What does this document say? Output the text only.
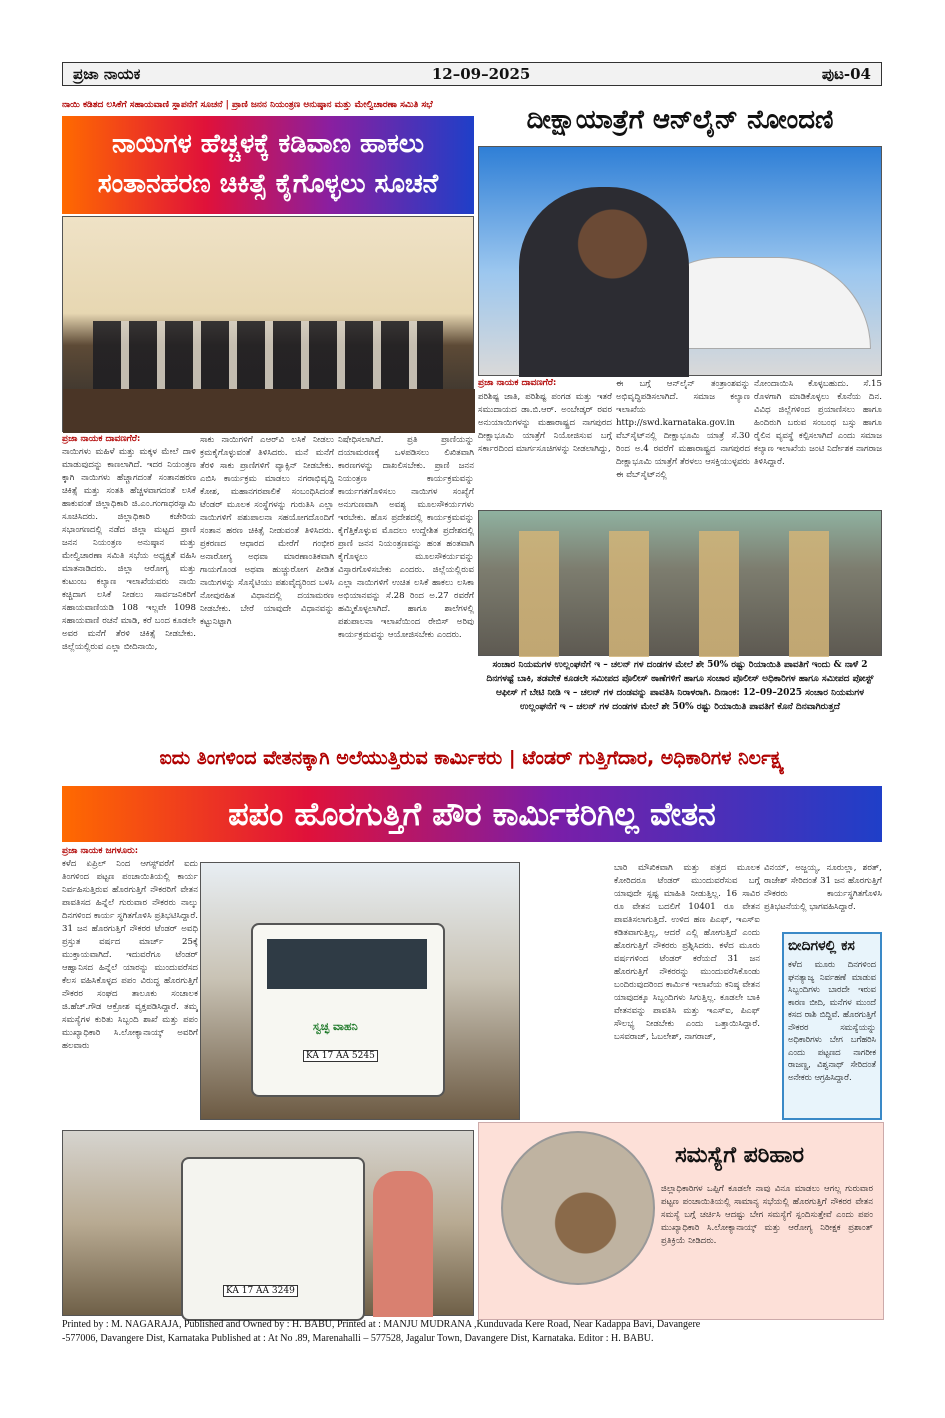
ಪ್ರಜಾ ನಾಯಕ	12–09–2025	ಪುಟ-04
ನಾಯಿ ಕಡಿತದ ಲಸಿಕೆಗೆ ಸಹಾಯವಾಣಿ ಸ್ಥಾಪನೆಗೆ ಸೂಚನೆ | ಪ್ರಾಣಿ ಜನನ ನಿಯಂತ್ರಣ ಅನುಷ್ಠಾನ ಮತ್ತು ಮೇಲ್ವಿಚಾರಣಾ ಸಮಿತಿ ಸಭೆ
ನಾಯಿಗಳ ಹೆಚ್ಚಳಕ್ಕೆ ಕಡಿವಾಣ ಹಾಕಲು
ಸಂತಾನಹರಣ ಚಿಕಿತ್ಸೆ ಕೈಗೊಳ್ಳಲು ಸೂಚನೆ
ಪ್ರಜಾ ನಾಯಕ ದಾವಣಗೆರೆ:

ನಾಯಿಗಳು ಮಹಿಳೆ ಮತ್ತು ಮಕ್ಕಳ ಮೇಲೆ ದಾಳಿ ಮಾಡುವುದನ್ನು ಕಾಣಲಾಗಿದೆ. ಇದರ ನಿಯಂತ್ರಣ ಕ್ಕಾಗಿ ನಾಯಿಗಳು ಹೆಚ್ಚಾಗದಂತೆ ಸಂತಾನಹರಣ ಚಿಕಿತ್ಸೆ ಮತ್ತು ಸಂತತಿ ಹೆಚ್ಚಳವಾಗದಂತೆ ಲಸಿಕೆ ಹಾಕುವಂತೆ ಜಿಲ್ಲಾಧಿಕಾರಿ ಜಿ.ಎಂ.ಗಂಗಾಧರಸ್ವಾಮಿ ಸೂಚಿಸಿದರು. ಜಿಲ್ಲಾಧಿಕಾರಿ ಕಚೇರಿಯ ಸಭಾಂಗಣದಲ್ಲಿ ನಡೆದ ಜಿಲ್ಲಾ ಮಟ್ಟದ ಪ್ರಾಣಿ ಜನನ ನಿಯಂತ್ರಣ ಅನುಷ್ಠಾನ ಮತ್ತು ಮೇಲ್ವಿಚಾರಣಾ ಸಮಿತಿ ಸಭೆಯ ಅಧ್ಯಕ್ಷತೆ ವಹಿಸಿ ಮಾತನಾಡಿದರು. ಜಿಲ್ಲಾ ಆರೋಗ್ಯ ಮತ್ತು ಕುಟುಂಬ ಕಲ್ಯಾಣ ಇಲಾಖೆಯವರು ನಾಯಿ ಕಚ್ಚಿದಾಗ ಲಸಿಕೆ ನೀಡಲು ಸಾರ್ವಜನಿಕರಿಗೆ ಸಹಾಯವಾಣಿಯಡಿ 108 ಇಲ್ಲವೇ 1098 ಸಹಾಯವಾಣಿ ರಚನೆ ಮಾಡಿ, ಕರೆ ಬಂದ ಕೂಡಲೇ ಅವರ ಮನೆಗೆ ತೆರಳಿ ಚಿಕಿತ್ಸೆ ನೀಡಬೇಕು. ಜಿಲ್ಲೆಯಲ್ಲಿರುವ ಎಲ್ಲಾ ಬೀದಿನಾಯಿ,

ಸಾಕು ನಾಯಿಗಳಿಗೆ ಎಆರ್‌ವಿ ಲಸಿಕೆ ನೀಡಲು ಕ್ರಮಕೈಗೊಳ್ಳುವಂತೆ ತಿಳಿಸಿದರು. ಮನೆ ಮನೆಗೆ ತೆರಳಿ ಸಾಕು ಪ್ರಾಣಿಗಳಿಗೆ ವ್ಯಾಕ್ಸಿನ್ ನೀಡಬೇಕು. ಎಬಿಸಿ ಕಾರ್ಯಕ್ರಮ ಮಾಡಲು ನಗರಾಭಿವೃದ್ದಿ ಕೋಶ, ಮಹಾನಗರಪಾಲಿಕೆ ಸಂಬಂಧಿಸಿದಂತೆ ಟೆಂಡರ್ ಮೂಲಕ ಸಂಸ್ಥೆಗಳನ್ನು ಗುರುತಿಸಿ ಎಲ್ಲಾ ನಾಯಿಗಳಿಗೆ ಪಶುಪಾಲನಾ ಸಹಯೋಗದೊಂದಿಗೆ ಸಂತಾನ ಹರಣ ಚಿಕಿತ್ಸೆ ನೀಡುವಂತೆ ತಿಳಿಸಿದರು. ಪ್ರಕರಣದ ಆಧಾರದ ಮೇರೆಗೆ ಗಂಭೀರ ಅನಾರೋಗ್ಯ ಅಥವಾ ಮಾರಣಾಂತಿಕವಾಗಿ ಗಾಯಗೊಂಡ ಅಥವಾ ಹುಚ್ಚುರೋಗ ಪೀಡಿತ ನಾಯಿಗಳನ್ನು ಸೊಸೈಟಿಯು ಪಶುವೈದ್ಯರಿಂದ ಬಳಸಿ ನೋವುರಹಿತ ವಿಧಾನದಲ್ಲಿ ದಯಾಮರಣ ನೀಡಬೇಕು. ಬೇರೆ ಯಾವುದೇ ವಿಧಾನವನ್ನು ಕಟ್ಟುನಿಟ್ಟಾಗಿ

ನಿಷೇಧಿಸಲಾಗಿದೆ. ಪ್ರತಿ ಪ್ರಾಣಿಯನ್ನು ದಯಾಮರಣಕ್ಕೆ ಒಳಪಡಿಸಲು ಲಿಖಿತವಾಗಿ ಕಾರಣಗಳನ್ನು ದಾಖಲಿಸಬೇಕು. ಪ್ರಾಣಿ ಜನನ ನಿಯಂತ್ರಣ ಕಾರ್ಯಕ್ರಮವನ್ನು ಕಾರ್ಯಗತಗೊಳಿಸಲು ನಾಯಿಗಳ ಸಂಖ್ಯೆಗೆ ಅನುಗುಣವಾಗಿ ಅವಶ್ಯ ಮೂಲಸೌಕರ್ಯಗಳು ಇರಬೇಕು. ಹೊಸ ಪ್ರದೇಶದಲ್ಲಿ ಕಾರ್ಯಕ್ರಮವನ್ನು ಕೈಗೆತ್ತಿಕೊಳ್ಳುವ ಮೊದಲು ಉದ್ದೇಶಿತ ಪ್ರದೇಶದಲ್ಲಿ ಪ್ರಾಣಿ ಜನನ ನಿಯಂತ್ರಣವನ್ನು ಹಂತ ಹಂತವಾಗಿ ಕೈಗೊಳ್ಳಲು ಮೂಲಸೌಕರ್ಯವನ್ನು ವಿಸ್ತಾರಗೊಳಿಸಬೇಕು ಎಂದರು. ಜಿಲ್ಲೆಯಲ್ಲಿರುವ ಎಲ್ಲಾ ನಾಯಿಗಳಿಗೆ ಉಚಿತ ಲಸಿಕೆ ಹಾಕಲು ಲಸಿಕಾ ಅಭಿಯಾನವನ್ನು ಸೆ.28 ರಿಂದ ಅ.27 ರವರೆಗೆ ಹಮ್ಮಿಕೊಳ್ಳಲಾಗಿದೆ. ಹಾಗೂ ಶಾಲೆಗಳಲ್ಲಿ ಪಶುಪಾಲನಾ ಇಲಾಖೆಯಿಂದ ರೇಬಿಸ್ ಅರಿವು ಕಾರ್ಯಕ್ರಮವನ್ನು ಆಯೋಜಿಸಬೇಕು ಎಂದರು.

ದೀಕ್ಷಾಯಾತ್ರೆಗೆ ಆನ್‌ಲೈನ್ ನೋಂದಣಿ
ಪ್ರಜಾ ನಾಯಕ ದಾವಣಗೆರೆ:

ಪರಿಶಿಷ್ಟ ಜಾತಿ, ಪರಿಶಿಷ್ಟ ಪಂಗಡ ಮತ್ತು ಇತರೆ ಸಮುದಾಯದ ಡಾ.ಬಿ.ಆರ್. ಅಂಬೇಡ್ಕರ್ ರವರ ಅನುಯಾಯಿಗಳನ್ನು ಮಹಾರಾಷ್ಟ್ರದ ನಾಗಪುರದ ದೀಕ್ಷಾಭೂಮಿ ಯಾತ್ರೆಗೆ ನಿಯೋಜಿಸುವ ಬಗ್ಗೆ ಸರ್ಕಾರದಿಂದ ಮಾರ್ಗಸೂಚಿಗಳನ್ನು ನೀಡಲಾಗಿದ್ದು,

ಈ ಬಗ್ಗೆ ಆನ್‌ಲೈನ್ ತಂತ್ರಾಂಶವನ್ನು ಅಭಿವೃದ್ಧಿಪಡಿಸಲಾಗಿದೆ. ಸಮಾಜ ಕಲ್ಯಾಣ ಇಲಾಖೆಯ http://swd.karnataka.gov.in ವೆಬ್‌ಸೈಟ್‌ನಲ್ಲಿ ದೀಕ್ಷಾಭೂಮಿ ಯಾತ್ರೆ ಸೆ.30 ರಿಂದ ಅ.4 ರವರೆಗೆ ಮಹಾರಾಷ್ಟ್ರದ ನಾಗಪುರದ ದೀಕ್ಷಾಭೂಮಿ ಯಾತ್ರೆಗೆ ತೆರಳಲು ಆಸಕ್ತಿಯುಳ್ಳವರು ಈ ವೆಬ್‌ಸೈಟ್‌ನಲ್ಲಿ

ನೋಂದಾಯಿಸಿ ಕೊಳ್ಳಬಹುದು. ಸೆ.15 ರೊಳಗಾಗಿ ಮಾಡಿಕೊಳ್ಳಲು ಕೊನೆಯ ದಿನ. ವಿವಿಧ ಜಿಲ್ಲೆಗಳಿಂದ ಪ್ರಯಾಣಿಸಲು ಹಾಗೂ ಹಿಂದಿರುಗಿ ಬರುವ ಸಂಬಂಧ ಬಸ್ಸು ಹಾಗೂ ರೈಲಿನ ವ್ಯವಸ್ಥೆ ಕಲ್ಪಿಸಲಾಗಿದೆ ಎಂದು ಸಮಾಜ ಕಲ್ಯಾಣ ಇಲಾಖೆಯ ಜಂಟಿ ನಿರ್ದೇಶಕ ನಾಗರಾಜ ತಿಳಿಸಿದ್ದಾರೆ.

ಸಂಚಾರ ನಿಯಮಗಳ ಉಲ್ಲಂಘನೆಗೆ ಇ – ಚಲನ್ ಗಳ ದಂಡಗಳ ಮೇಲೆ ಶೇ 50% ರಷ್ಟು ರಿಯಾಯಿತಿ ಪಾವತಿಗೆ ಇಂದು & ನಾಳೆ 2 ದಿನಗಳಷ್ಟೆ ಬಾಕಿ, ತಡವೇಕೆ ಕೂಡಲೇ ಸಮೀಪದ ಪೊಲೀಸ್ ಠಾಣೆಗಳಿಗೆ ಹಾಗೂ ಸಂಚಾರ ಪೊಲೀಸ್ ಅಧಿಕಾರಿಗಳ ಹಾಗೂ ಸಮೀಪದ ಪೋಸ್ಟ್ ಆಫೀಸ್ ಗೆ ಬೇಟಿ ನೀಡಿ ಇ – ಚಲನ್ ಗಳ ದಂಡವನ್ನು ಪಾವತಿಸಿ ನಿರಾಳರಾಗಿ. ದಿನಾಂಕ: 12–09–2025 ಸಂಚಾರ ನಿಯಮಗಳ ಉಲ್ಲಂಘನೆಗೆ ಇ – ಚಲನ್ ಗಳ ದಂಡಗಳ ಮೇಲೆ ಶೇ 50% ರಷ್ಟು ರಿಯಾಯಿತಿ ಪಾವತಿಗೆ ಕೊನೆ ದಿನವಾಗಿರುತ್ತದೆ

ಐದು ತಿಂಗಳಿಂದ ವೇತನಕ್ಕಾಗಿ ಅಲೆಯುತ್ತಿರುವ ಕಾರ್ಮಿಕರು | ಟೆಂಡರ್ ಗುತ್ತಿಗೆದಾರ, ಅಧಿಕಾರಿಗಳ ನಿರ್ಲಕ್ಷ್ಯ
ಪಪಂ ಹೊರಗುತ್ತಿಗೆ ಪೌರ ಕಾರ್ಮಿಕರಿಗಿಲ್ಲ ವೇತನ
ಪ್ರಜಾ ನಾಯಕ ಜಗಳೂರು:

ಕಳೆದ ಏಪ್ರಿಲ್ ನಿಂದ ಆಗಸ್ಟ್‌ವರೆಗೆ ಐದು ತಿಂಗಳಿಂದ ಪಟ್ಟಣ ಪಂಚಾಯಿತಿಯಲ್ಲಿ ಕಾರ್ಯ ನಿರ್ವಹಿಸುತ್ತಿರುವ ಹೊರಗುತ್ತಿಗೆ ನೌಕರರಿಗೆ ವೇತನ ಪಾವತಿಸದ ಹಿನ್ನೆಲೆ ಗುರುವಾರ ನೌಕರರು ನಾಲ್ಕು ದಿನಗಳಿಂದ ಕಾರ್ಯ ಸ್ಥಗಿತಗೊಳಿಸಿ ಪ್ರತಿಭಟಿಸಿದ್ದಾರೆ. 31 ಜನ ಹೊರಗುತ್ತಿಗೆ ನೌಕರರ ಟೆಂಡರ್ ಅವಧಿ ಪ್ರಸ್ತುತ ವರ್ಷದ ಮಾರ್ಚ್ 25ಕ್ಕೆ ಮುಕ್ತಾಯವಾಗಿದೆ. ಇದುವರೆಗೂ ಟೆಂಡರ್ ಆಹ್ವಾನಿಸದ ಹಿನ್ನೆಲೆ ಯಾರನ್ನು ಮುಂದುವರೆಸದ ಕೆಲಸ ವಹಿಸಿಕೊಳ್ಳದ ಪಪಂ ವಿರುದ್ಧ ಹೊರಗುತ್ತಿಗೆ ನೌಕರರ ಸಂಘದ ತಾಲೂಕು ಸಂಚಾಲಕ ಜಿ.ಹೆಚ್.ಗೌಡ ಆಕ್ರೋಶ ವ್ಯಕ್ತಪಡಿಸಿದ್ದಾರೆ. ತಮ್ಮ ಸಮಸ್ಯೆಗಳ ಕುರಿತು ಸಿಬ್ಬಂದಿ ಶಾಖೆ ಮತ್ತು ಪಪಂ ಮುಖ್ಯಾಧಿಕಾರಿ ಸಿ.ಲೋಕ್ಯಾನಾಯ್ಕ್ ಅವರಿಗೆ ಹಲವಾರು

ಸ್ವಚ್ಛ ವಾಹನಿ
KA 17 AA 5245

ಬಾರಿ ಮೌಖಿಕವಾಗಿ ಮತ್ತು ಪತ್ರದ ಮೂಲಕ ಕೋರಿದರೂ ಟೆಂಡರ್ ಮುಂದುವರೆಸುವ ಬಗ್ಗೆ ಯಾವುದೇ ಸ್ಪಷ್ಟ ಮಾಹಿತಿ ನೀಡುತ್ತಿಲ್ಲ. 16 ಸಾವಿರ ರೂ ವೇತನ ಬದಲಿಗೆ 10401 ರೂ ವೇತನ ಪಾವತಿಸಲಾಗುತ್ತಿದೆ. ಉಳಿದ ಹಣ ಪಿಎಫ್, ಇಎಸ್‌ಐ ಕಡಿತವಾಗುತ್ತಿಲ್ಲ, ಆದರೆ ಎಲ್ಲಿ ಹೋಗುತ್ತಿದೆ ಎಂದು ಹೊರಗುತ್ತಿಗೆ ನೌಕರರು ಪ್ರಶ್ನಿಸಿದರು. ಕಳೆದ ಮೂರು ವರ್ಷಗಳಿಂದ ಟೆಂಡರ್ ಕರೆಯದೆ 31 ಜನ ಹೊರಗುತ್ತಿಗೆ ನೌಕರರನ್ನು ಮುಂದುವರೆಸಿಕೊಂಡು ಬಂದಿರುವುದರಿಂದ ಕಾರ್ಮಿಕ ಇಲಾಖೆಯ ಕನಿಷ್ಠ ವೇತನ ಯಾವುದಕ್ಕೂ ಸಿಬ್ಬಂದಿಗಳು ಸಿಗುತ್ತಿಲ್ಲ. ಕೂಡಲೇ ಬಾಕಿ ವೇತನವನ್ನು ಪಾವತಿಸಿ ಮತ್ತು ಇಎಸ್‌ಐ, ಪಿಎಫ್ ಸೌಲಭ್ಯ ನೀಡಬೇಕು ಎಂದು ಒತ್ತಾಯಿಸಿದ್ದಾರೆ. ಬಸವರಾಜ್, ಓಬಲೇಶ್, ನಾಗರಾಜ್,

ವಿನಯ್, ಅಜ್ಜಯ್ಯ, ನೂರುಲ್ಲಾ, ಶರತ್, ರಾಜೇಶ್ ಸೇರಿದಂತೆ 31 ಜನ ಹೊರಗುತ್ತಿಗೆ ನೌಕರರು ಕಾರ್ಯಸ್ಥಗಿತಗೊಳಿಸಿ ಪ್ರತಿಭಟನೆಯಲ್ಲಿ ಭಾಗವಹಿಸಿದ್ದಾರೆ.

ಬೀದಿಗಳಲ್ಲಿ ಕಸ
ಕಳೆದ ಮೂರು ದಿನಗಳಿಂದ ಘನತ್ಯಾಜ್ಯ ನಿರ್ವಹಣೆ ಮಾಡುವ ಸಿಬ್ಬಂದಿಗಳು ಬಾರದೇ ಇರುವ ಕಾರಣ ಬೀದಿ, ಮನೆಗಳ ಮುಂದೆ ಕಸದ ರಾಶಿ ಬಿದ್ದಿವೆ. ಹೊರಗುತ್ತಿಗೆ ನೌಕರರ ಸಮಸ್ಯೆಯನ್ನು ಅಧಿಕಾರಿಗಳು ಬೇಗ ಬಗೆಹರಿಸಿ ಎಂದು ಪಟ್ಟಣದ ನಾಗರೀಕ ರಾಜಣ್ಣ, ವಿಶ್ವನಾಥ್ ಸೇರಿದಂತೆ ಅನೇಕರು ಆಗ್ರಹಿಸಿದ್ದಾರೆ.
KA 17 AA 3249
ಸಮಸ್ಯೆಗೆ ಪರಿಹಾರ
ಜಿಲ್ಲಾಧಿಕಾರಿಗಳ ಒಪ್ಪಿಗೆ ಕೂಡಲೇ ನಾವು ವಿನೂ ಮಾಡಲು ಆಗಲ್ಲ ಗುರುವಾರ ಪಟ್ಟಣ ಪಂಚಾಯಿತಿಯಲ್ಲಿ ಸಾಮಾನ್ಯ ಸಭೆಯಲ್ಲಿ ಹೊರಗುತ್ತಿಗೆ ನೌಕರರ ವೇತನ ಸಮಸ್ಯೆ ಬಗ್ಗೆ ಚರ್ಚಿಸಿ ಆದಷ್ಟು ಬೇಗ ಸಮಸ್ಯೆಗೆ ಸ್ಪಂದಿಸುತ್ತೇವೆ ಎಂದು ಪಪಂ ಮುಖ್ಯಾಧಿಕಾರಿ ಸಿ.ಲೋಕ್ಯಾನಾಯ್ಕ್ ಮತ್ತು ಆರೋಗ್ಯ ನಿರೀಕ್ಷಕ ಪ್ರಶಾಂತ್ ಪ್ರತಿಕ್ರಿಯೆ ನೀಡಿದರು.
Printed by : M. NAGARAJA, Published and Owned by : H. BABU, Printed at : MANJU MUDRANA ,Kunduvada Kere Road, Near Kadappa Bavi, Davangere
-577006, Davangere Dist, Karnataka Published at : At No .89, Marenahalli – 577528, Jagalur Town, Davangere Dist, Karnataka. Editor : H. BABU.
